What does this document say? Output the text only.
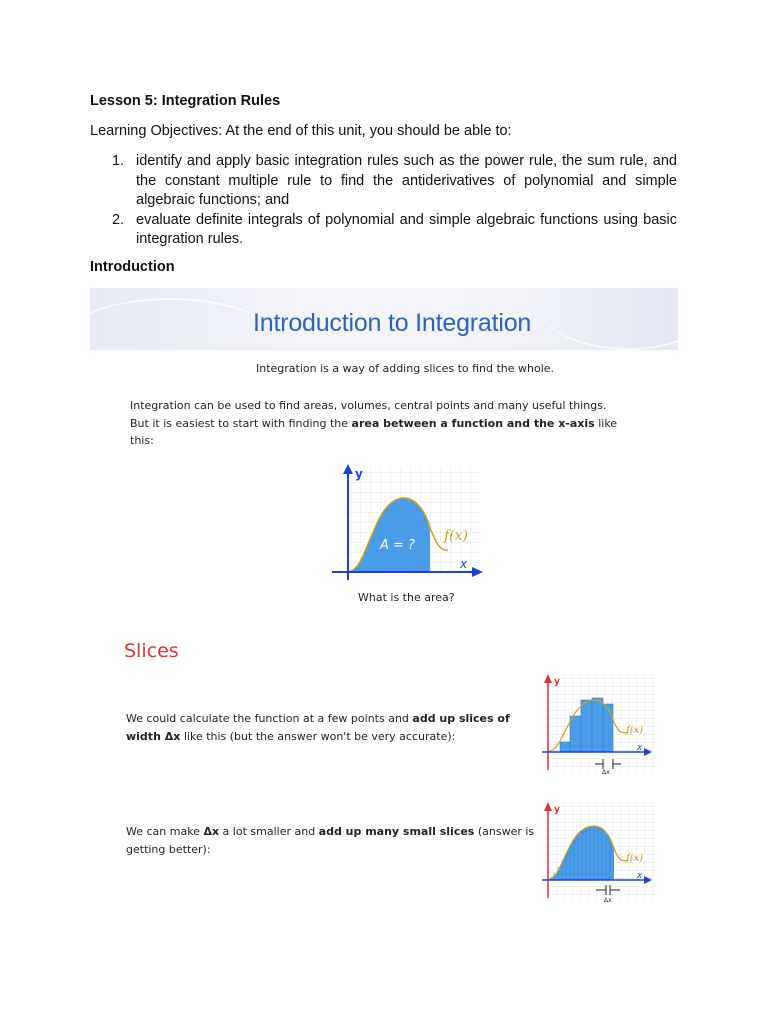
Lesson 5: Integration Rules
Learning Objectives: At the end of this unit, you should be able to:
1. identify and apply basic integration rules such as the power rule, the sum rule, and the constant multiple rule to find the antiderivatives of polynomial and simple algebraic functions; and
2. evaluate definite integrals of polynomial and simple algebraic functions using basic integration rules.
Introduction
Introduction to Integration
Integration is a way of adding slices to find the whole.
Integration can be used to find areas, volumes, central points and many useful things. But it is easiest to start with finding the area between a function and the x-axis like this:
y
x
A = ?
f(x)
What is the area?
Slices
We could calculate the function at a few points and add up slices of width Δx like this (but the answer won't be very accurate):
y
x
f(x)
Δx
We can make Δx a lot smaller and add up many small slices (answer is getting better):
y
x
f(x)
Δx
